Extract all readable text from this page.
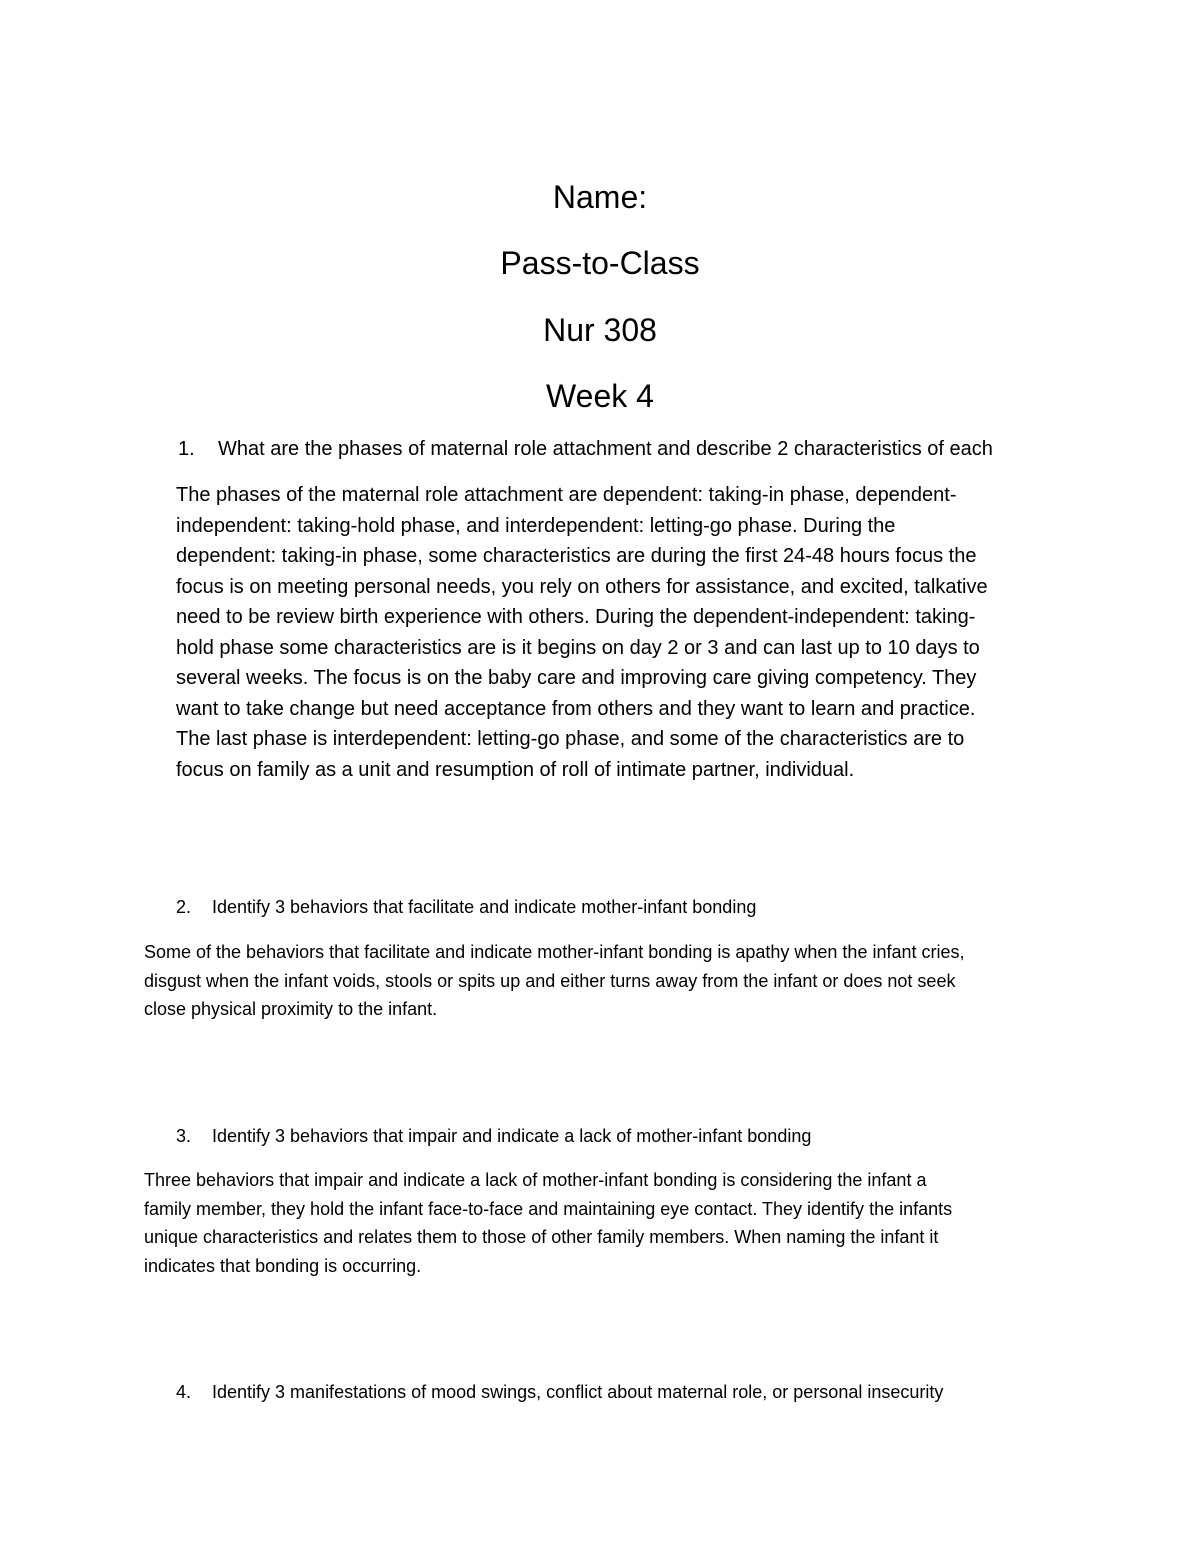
Name:
Pass-to-Class
Nur 308
Week 4
1. What are the phases of maternal role attachment and describe 2 characteristics of each
The phases of the maternal role attachment are dependent: taking-in phase, dependent-
independent: taking-hold phase, and interdependent: letting-go phase. During the
dependent: taking-in phase, some characteristics are during the first 24-48 hours focus the
focus is on meeting personal needs, you rely on others for assistance, and excited, talkative
need to be review birth experience with others. During the dependent-independent: taking-
hold phase some characteristics are is it begins on day 2 or 3 and can last up to 10 days to
several weeks. The focus is on the baby care and improving care giving competency. They
want to take change but need acceptance from others and they want to learn and practice.
The last phase is interdependent: letting-go phase, and some of the characteristics are to
focus on family as a unit and resumption of roll of intimate partner, individual.
2. Identify 3 behaviors that facilitate and indicate mother-infant bonding
Some of the behaviors that facilitate and indicate mother-infant bonding is apathy when the infant cries,
disgust when the infant voids, stools or spits up and either turns away from the infant or does not seek
close physical proximity to the infant.
3. Identify 3 behaviors that impair and indicate a lack of mother-infant bonding
Three behaviors that impair and indicate a lack of mother-infant bonding is considering the infant a
family member, they hold the infant face-to-face and maintaining eye contact. They identify the infants
unique characteristics and relates them to those of other family members. When naming the infant it
indicates that bonding is occurring.
4. Identify 3 manifestations of mood swings, conflict about maternal role, or personal insecurity
